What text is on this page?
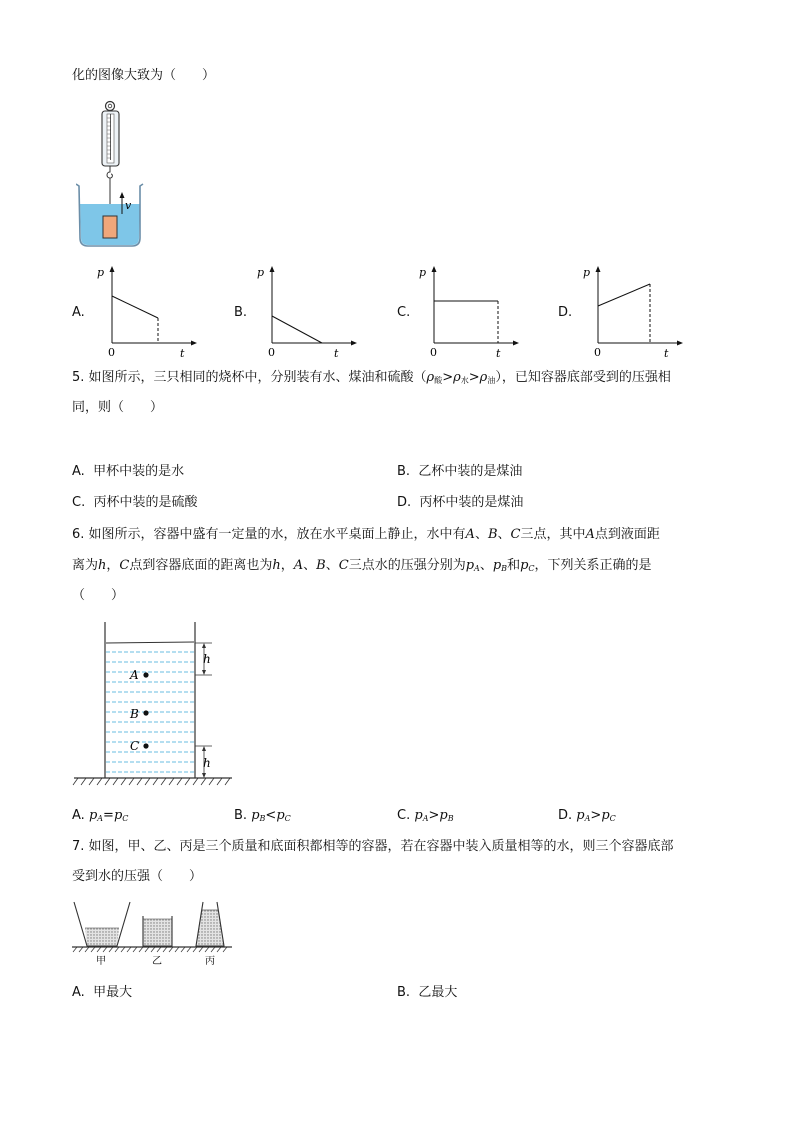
化的图像大致为（　　）
v
A.
p
t
0
B.
p
t
0
C.
p
t
0
D.
p
t
0
5. 如图所示，三只相同的烧杯中，分别装有水、煤油和硫酸$(\rho_酸>\rho_水>\rho_油)$，已知容器底部受到的压强相
同，则（　　）
A. 甲杯中装的是水	B. 乙杯中装的是煤油
C. 丙杯中装的是硫酸	D. 丙杯中装的是煤油
6. 如图所示，容器中盛有一定量的水，放在水平桌面上静止，水中有A、B、C三点，其中A点到液面距
离为h，C点到容器底面的距离也为h，A、B、C三点水的压强分别为$p_A$、$p_B$和$p_C$，下列关系正确的是
（　　）
h
h
A
B
C
A. $p_A=p_C$	B. $p_B<p_C$	C. $p_A>p_B$	D. $p_A>p_C$
7. 如图，甲、乙、丙是三个质量和底面积都相等的容器，若在容器中装入质量相等的水，则三个容器底部
受到水的压强（　　）
甲	乙	丙
A. 甲最大	B. 乙最大
